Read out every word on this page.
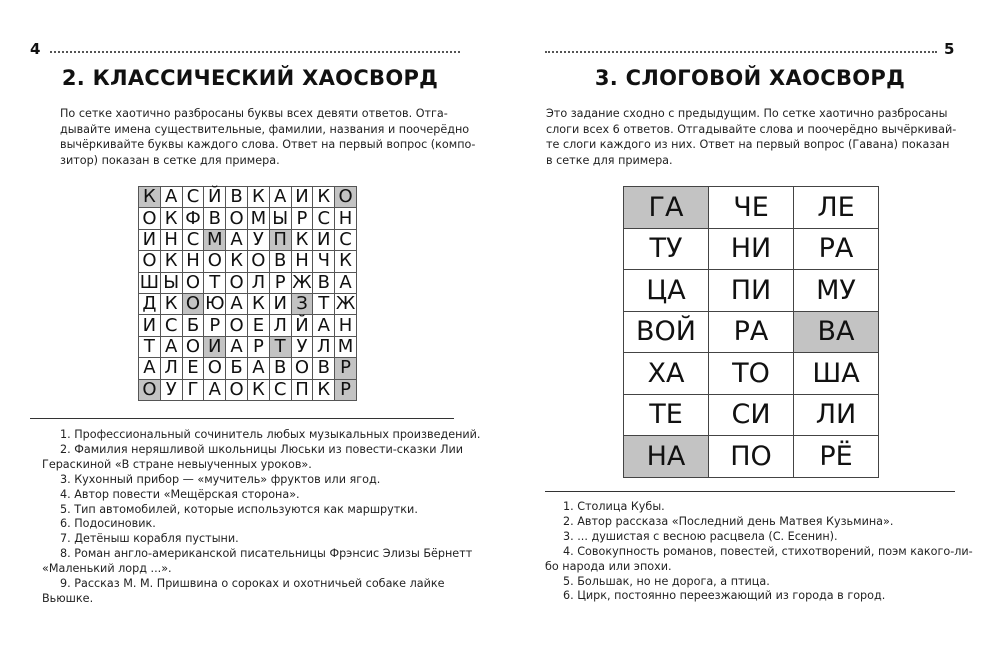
4
2. КЛАССИЧЕСКИЙ ХАОСВОРД

По сетке хаотично разбросаны буквы всех девяти ответов. Отга-
дывайте имена существительные, фамилии, названия и поочерёдно
вычёркивайте буквы каждого слова. Ответ на первый вопрос (компо-
зитор) показан в сетке для примера.

К	А	С	Й	В	К	А	И	К	О
О	К	Ф	В	О	М	Ы	Р	С	Н
И	Н	С	М	А	У	П	К	И	С
О	К	Н	О	К	О	В	Н	Ч	К
Ш	Ы	О	Т	О	Л	Р	Ж	В	А
Д	К	О	Ю	А	К	И	З	Т	Ж
И	С	Б	Р	О	Е	Л	Й	А	Н
Т	А	О	И	А	Р	Т	У	Л	М
А	Л	Е	О	Б	А	В	О	В	Р
О	У	Г	А	О	К	С	П	К	Р
1. Профессиональный сочинитель любых музыкальных произведений.
2. Фамилия неряшливой школьницы Люськи из повести-сказки Лии
Гераскиной «В стране невыученных уроков».
3. Кухонный прибор — «мучитель» фруктов или ягод.
4. Автор повести «Мещёрская сторона».
5. Тип автомобилей, которые используются как маршрутки.
6. Подосиновик.
7. Детёныш корабля пустыни.
8. Роман англо-американской писательницы Фрэнсис Элизы Бёрнетт
«Маленький лорд ...».
9. Рассказ М. М. Пришвина о сороках и охотничьей собаке лайке
Вьюшке.
5
3. СЛОГОВОЙ ХАОСВОРД

Это задание сходно с предыдущим. По сетке хаотично разбросаны
слоги всех 6 ответов. Отгадывайте слова и поочерёдно вычёркивай-
те слоги каждого из них. Ответ на первый вопрос (Гавана) показан
в сетке для примера.

ГА	ЧЕ	ЛЕ
ТУ	НИ	РА
ЦА	ПИ	МУ
ВОЙ	РА	ВА
ХА	ТО	ША
ТЕ	СИ	ЛИ
НА	ПО	РЁ
1. Столица Кубы.
2. Автор рассказа «Последний день Матвея Кузьмина».
3. ... душистая с весною расцвела (С. Есенин).
4. Совокупность романов, повестей, стихотворений, поэм какого-ли-
бо народа или эпохи.
5. Большак, но не дорога, а птица.
6. Цирк, постоянно переезжающий из города в город.
